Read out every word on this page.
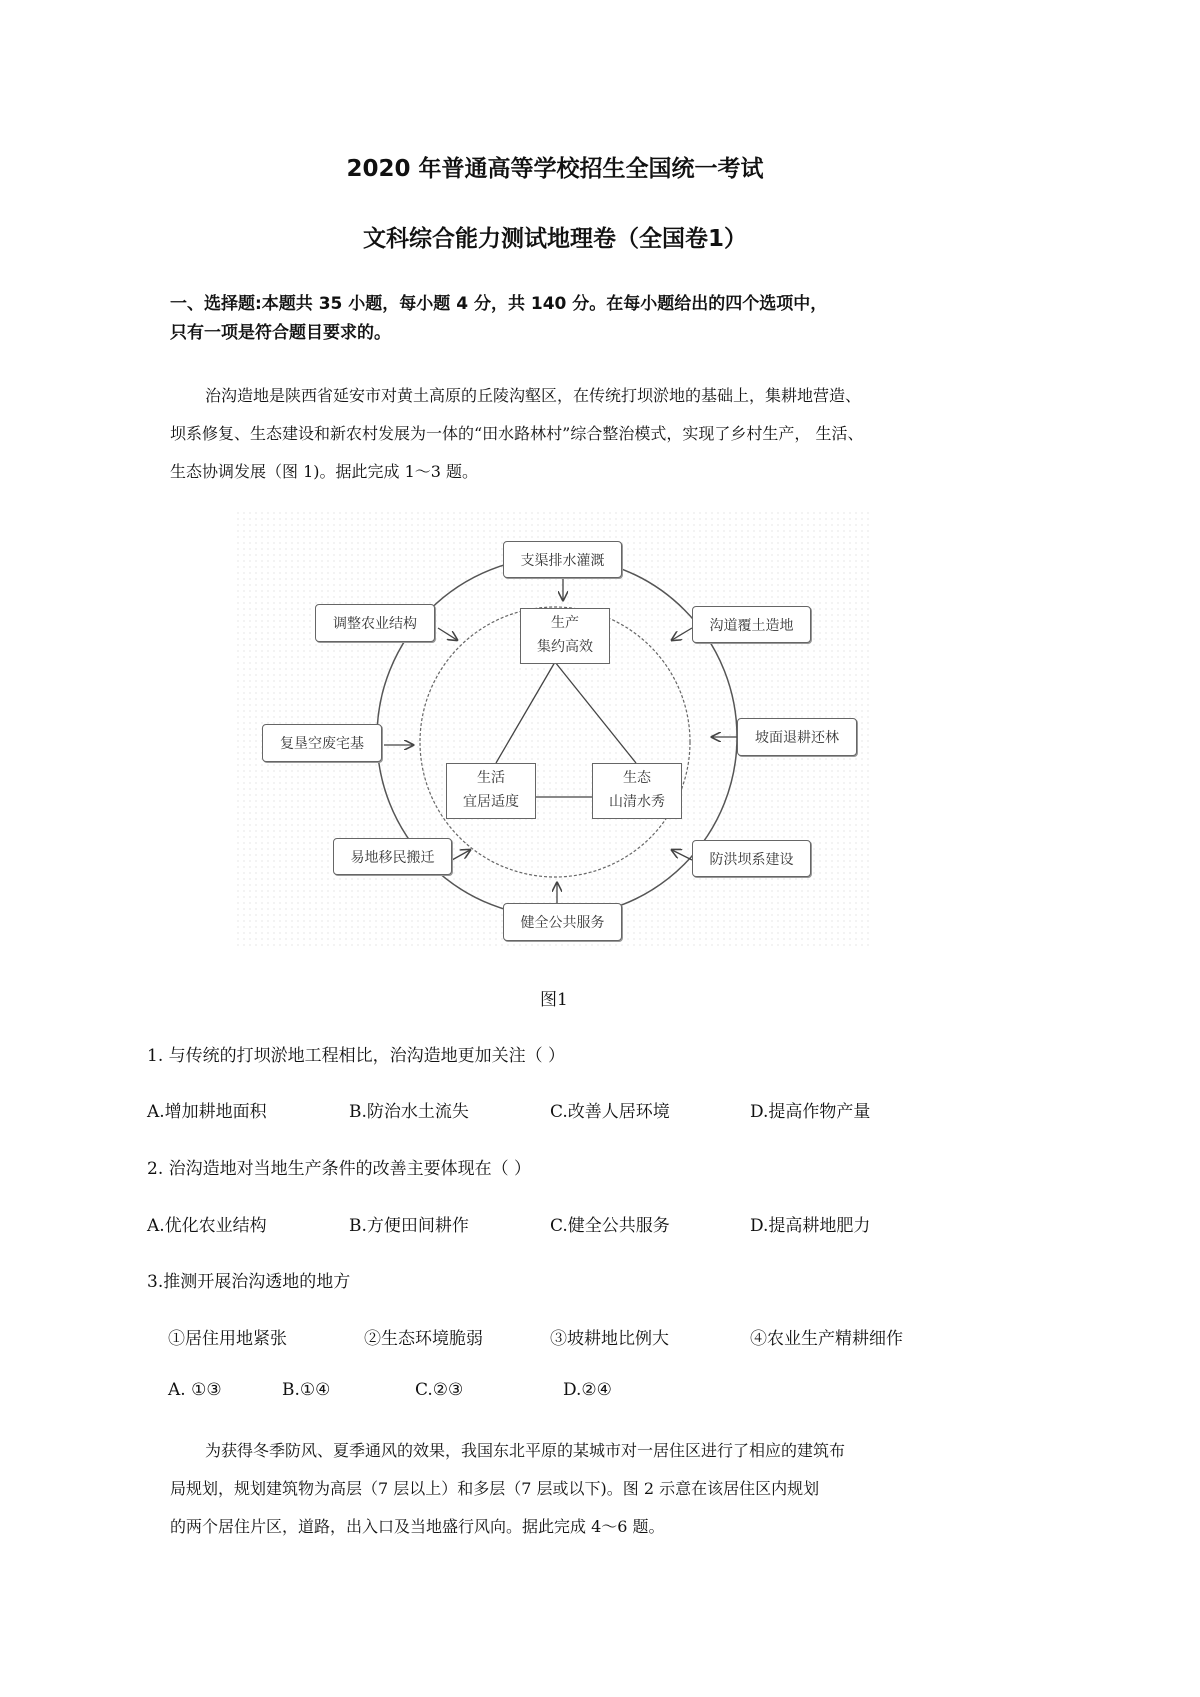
2020 年普通高等学校招生全国统一考试
文科综合能力测试地理卷（全国卷1）
一、选择题:本题共 35 小题，每小题 4 分，共 140 分。在每小题给出的四个选项中，
只有一项是符合题目要求的。
治沟造地是陕西省延安市对黄土高原的丘陵沟壑区，在传统打坝淤地的基础上，集耕地营造、
坝系修复、生态建设和新农村发展为一体的“田水路林村”综合整治模式，实现了乡村生产， 生活、
生态协调发展（图 1)。据此完成 1～3 题。
支渠排水灌溉
调整农业结构	沟道覆土造地
复垦空废宅基	坡面退耕还林
易地移民搬迁	防洪坝系建设
健全公共服务
生产
集约高效
生活
宜居适度
生态
山清水秀
图1
1. 与传统的打坝淤地工程相比，治沟造地更加关注（ ）
A.增加耕地面积	B.防治水土流失	C.改善人居环境	D.提高作物产量
2. 治沟造地对当地生产条件的改善主要体现在（ ）
A.优化农业结构	B.方便田间耕作	C.健全公共服务	D.提高耕地肥力
3.推测开展治沟透地的地方
①居住用地紧张	②生态环境脆弱	③坡耕地比例大	④农业生产精耕细作
A. ①③	B.①④	C.②③	D.②④
为获得冬季防风、夏季通风的效果，我国东北平原的某城市对一居住区进行了相应的建筑布
局规划，规划建筑物为高层（7 层以上）和多层（7 层或以下)。图 2 示意在该居住区内规划
的两个居住片区，道路，出入口及当地盛行风向。据此完成 4～6 题。
